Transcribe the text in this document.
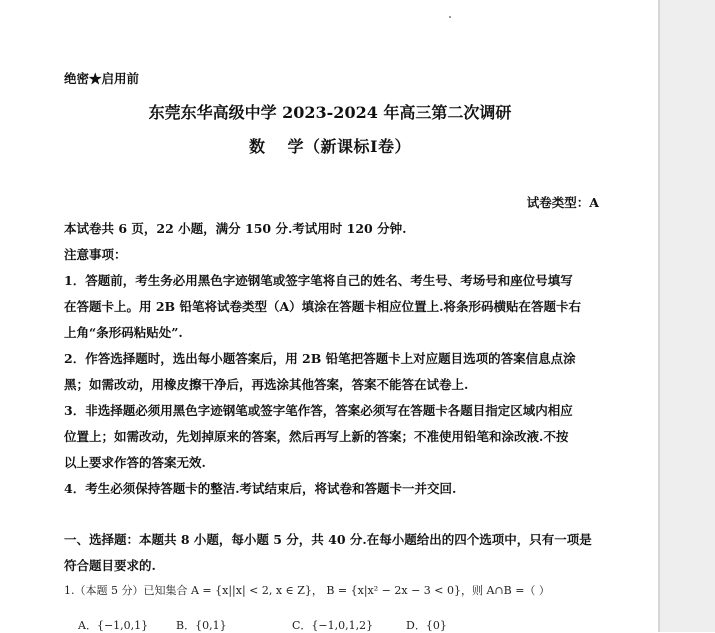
绝密★启用前
东莞东华高级中学 2023-2024 年高三第二次调研
数 学（新课标I卷）
试卷类型：A
本试卷共 6 页，22 小题，满分 150 分.考试用时 120 分钟.
注意事项：
1．答题前，考生务必用黑色字迹钢笔或签字笔将自己的姓名、考生号、考场号和座位号填写
在答题卡上。用 2B 铅笔将试卷类型（A）填涂在答题卡相应位置上.将条形码横贴在答题卡右
上角“条形码粘贴处”.
2．作答选择题时，选出每小题答案后，用 2B 铅笔把答题卡上对应题目选项的答案信息点涂
黑；如需改动，用橡皮擦干净后，再选涂其他答案，答案不能答在试卷上.
3．非选择题必须用黑色字迹钢笔或签字笔作答，答案必须写在答题卡各题目指定区域内相应
位置上；如需改动，先划掉原来的答案，然后再写上新的答案；不准使用铅笔和涂改液.不按
以上要求作答的答案无效.
4．考生必须保持答题卡的整洁.考试结束后，将试卷和答题卡一并交回.
一、选择题：本题共 8 小题，每小题 5 分，共 40 分.在每小题给出的四个选项中，只有一项是
符合题目要求的.
1.（本题 5 分）已知集合 A = {x||x| < 2, x ∈ Z}， B = {x|x² − 2x − 3 < 0}，则 A∩B =（ ）
A．{−1,0,1}	B．{0,1}	C．{−1,0,1,2}	D．{0}
